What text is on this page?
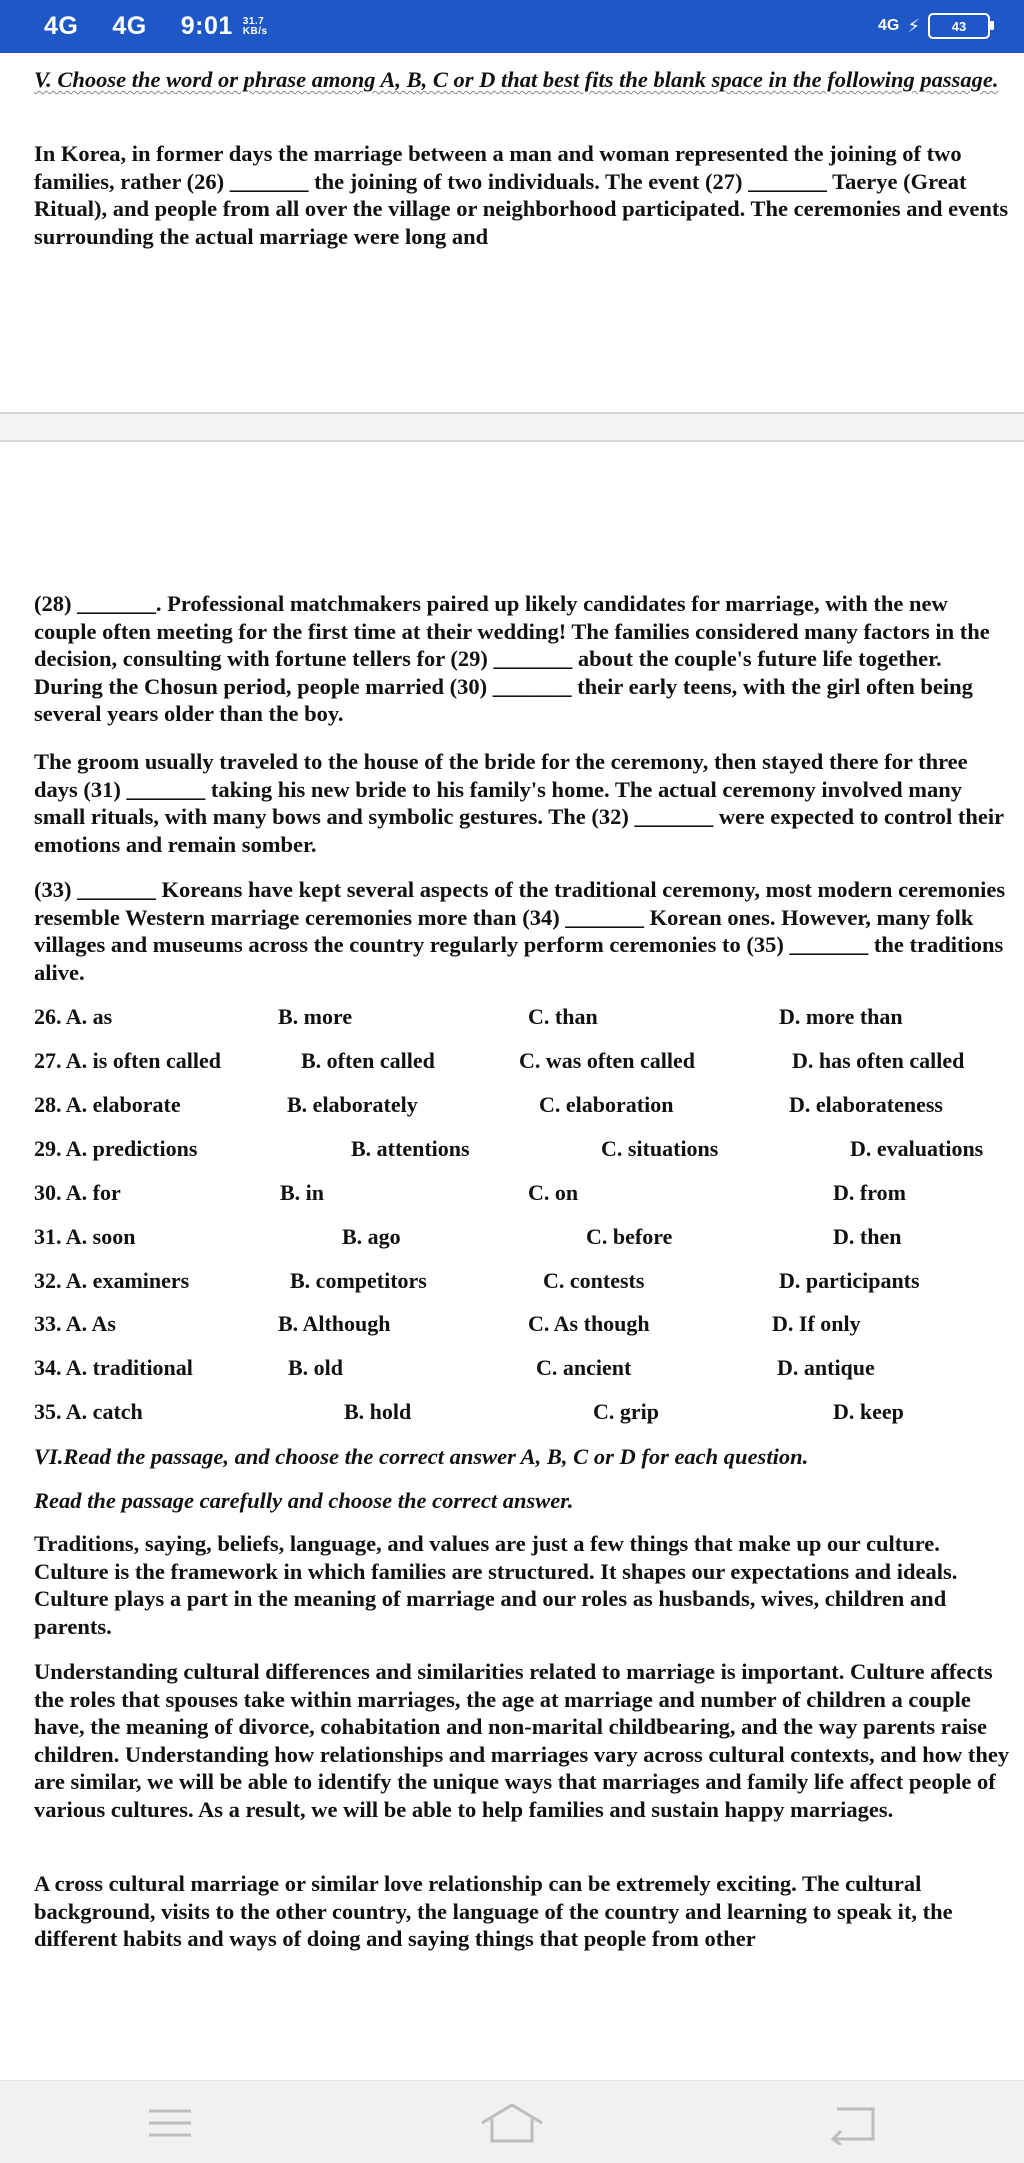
4G 4G 9:01 31.7 KB/s	4G ⚡ 43
V. Choose the word or phrase among A, B, C or D that best fits the blank space in the following passage.
In Korea, in former days the marriage between a man and woman represented the joining of two families, rather (26) _______ the joining of two individuals. The event (27) _______ Taerye (Great Ritual), and people from all over the village or neighborhood participated. The ceremonies and events surrounding the actual marriage were long and
(28) _______. Professional matchmakers paired up likely candidates for marriage, with the new couple often meeting for the first time at their wedding! The families considered many factors in the decision, consulting with fortune tellers for (29) _______ about the couple's future life together. During the Chosun period, people married (30) _______ their early teens, with the girl often being several years older than the boy.
The groom usually traveled to the house of the bride for the ceremony, then stayed there for three days (31) _______ taking his new bride to his family's home. The actual ceremony involved many small rituals, with many bows and symbolic gestures. The (32) _______ were expected to control their emotions and remain somber.
(33) _______ Koreans have kept several aspects of the traditional ceremony, most modern ceremonies resemble Western marriage ceremonies more than (34) _______ Korean ones. However, many folk villages and museums across the country regularly perform ceremonies to (35) _______ the traditions alive.
26. A. as	B. more	C. than	D. more than
27. A. is often called	B. often called	C. was often called	D. has often called
28. A. elaborate	B. elaborately	C. elaboration	D. elaborateness
29. A. predictions	B. attentions	C. situations	D. evaluations
30. A. for	B. in	C. on	D. from
31. A. soon	B. ago	C. before	D. then
32. A. examiners	B. competitors	C. contests	D. participants
33. A. As	B. Although	C. As though	D. If only
34. A. traditional	B. old	C. ancient	D. antique
35. A. catch	B. hold	C. grip	D. keep
VI.Read the passage, and choose the correct answer A, B, C or D for each question.
Read the passage carefully and choose the correct answer.
Traditions, saying, beliefs, language, and values are just a few things that make up our culture. Culture is the framework in which families are structured. It shapes our expectations and ideals. Culture plays a part in the meaning of marriage and our roles as husbands, wives, children and parents.
Understanding cultural differences and similarities related to marriage is important. Culture affects the roles that spouses take within marriages, the age at marriage and number of children a couple have, the meaning of divorce, cohabitation and non-marital childbearing, and the way parents raise children. Understanding how relationships and marriages vary across cultural contexts, and how they are similar, we will be able to identify the unique ways that marriages and family life affect people of various cultures. As a result, we will be able to help families and sustain happy marriages.
A cross cultural marriage or similar love relationship can be extremely exciting. The cultural background, visits to the other country, the language of the country and learning to speak it, the different habits and ways of doing and saying things that people from other
